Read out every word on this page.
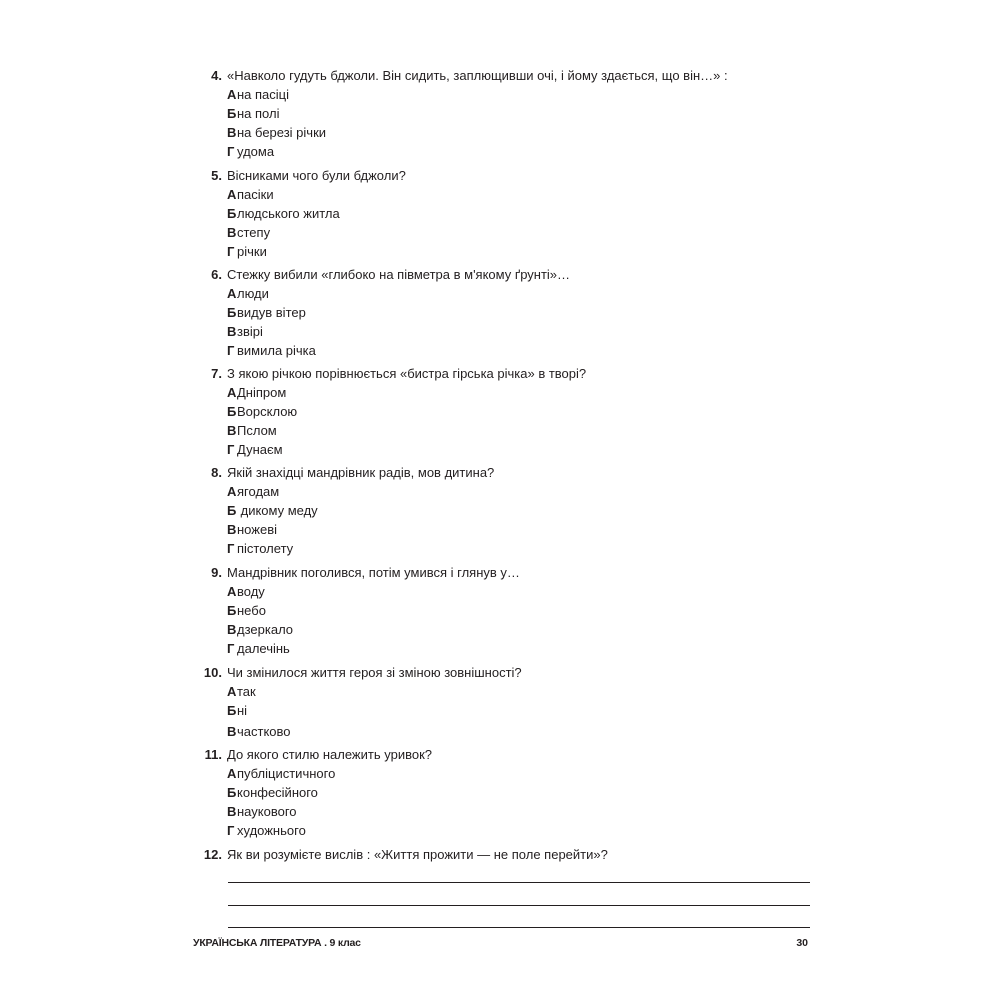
4. «Навколо гудуть бджоли. Він сидить, заплющивши очі, і йому здається, що він…» :
А на пасіці
Б на полі
В на березі річки
Г удома
5. Вісниками чого були бджоли?
А пасіки
Б людського житла
В степу
Г річки
6. Стежку вибили «глибоко на півметра в м'якому ґрунті»…
А люди
Б видув вітер
В звірі
Г вимила річка
7. З якою річкою порівнюється «бистра гірська річка» в творі?
А Дніпром
Б Ворсклою
В Пслом
Г Дунаєм
8. Якій знахідці мандрівник радів, мов дитина?
А ягодам
Б дикому меду
В ножеві
Г пістолету
9. Мандрівник поголився, потім умився і глянув у…
А воду
Б небо
В дзеркало
Г далечінь
10. Чи змінилося життя героя зі зміною зовнішності?
А так
Б ні
В частково
11. До якого стилю належить уривок?
А публіцистичного
Б конфесійного
В наукового
Г художнього
12. Як ви розумієте вислів : «Життя прожити — не поле перейти»?
УКРАЇНСЬКА ЛІТЕРАТУРА . 9 клас	30
